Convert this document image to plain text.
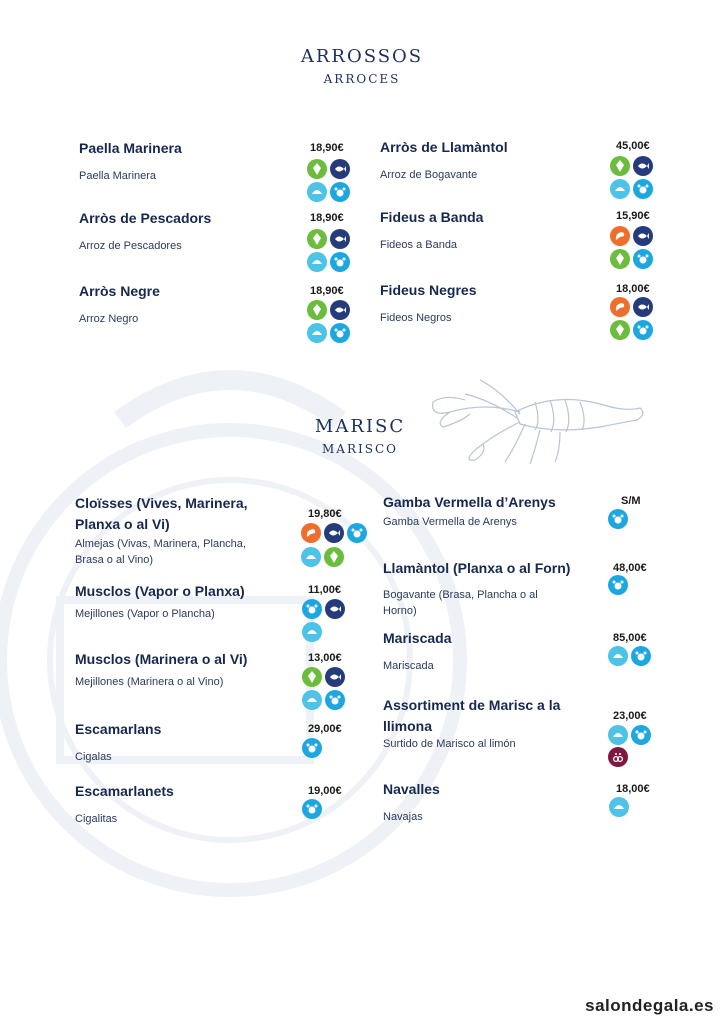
ARROSSOS
ARROCES
Paella Marinera
Paella Marinera
18,90€
Arròs de Pescadors
Arroz de Pescadores
18,90€
Arròs Negre
Arroz Negro
18,90€
Arròs de Llamàntol
Arroz de Bogavante
45,00€
Fideus a Banda
Fideos a Banda
15,90€
Fideus Negres
Fideos Negros
18,00€
MARISC
MARISCO
Cloïsses (Vives, Marinera,
Planxa o al Vi)
Almejas (Vivas, Marinera, Plancha,
Brasa o al Vino)
19,80€
Musclos (Vapor o Planxa)
Mejillones (Vapor o Plancha)
11,00€
Musclos (Marinera o al Vi)
Mejillones (Marinera o al Vino)
13,00€
Escamarlans
Cigalas
29,00€
Escamarlanets
Cigalitas
19,00€
Gamba Vermella d’Arenys
Gamba Vermella de Arenys
S/M
Llamàntol (Planxa o al Forn)
Bogavante (Brasa, Plancha o al
Horno)
48,00€
Mariscada
Mariscada
85,00€
Assortiment de Marisc a la
llimona
Surtido de Marisco al limón
23,00€
Navalles
Navajas
18,00€
salondegala.es
